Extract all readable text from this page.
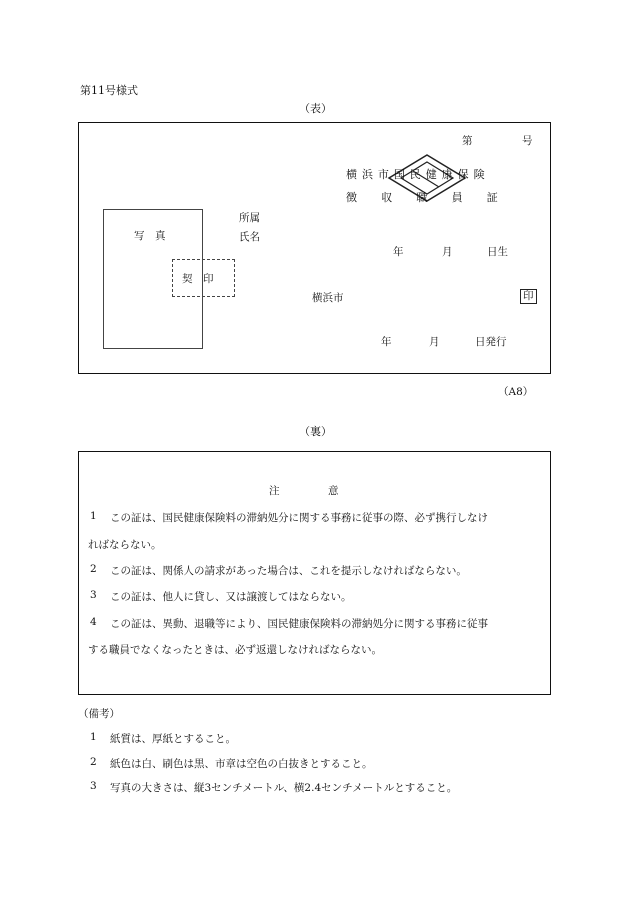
第11号様式
（表）
第	号
横浜市国民健康保険
徴収職員証
写　真
契　印
所属
氏名
年	月	日生
横浜市	印
年	月	日発行
（A8）
（裏）
注	意
1 この証は、国民健康保険料の滞納処分に関する事務に従事の際、必ず携行しなけ
ればならない。
2 この証は、関係人の請求があった場合は、これを提示しなければならない。
3 この証は、他人に貸し、又は譲渡してはならない。
4 この証は、異動、退職等により、国民健康保険料の滞納処分に関する事務に従事
する職員でなくなったときは、必ず返還しなければならない。
（備考）
1 紙質は、厚紙とすること。
2 紙色は白、刷色は黒、市章は空色の白抜きとすること。
3 写真の大きさは、縦3センチメートル、横2.4センチメートルとすること。
